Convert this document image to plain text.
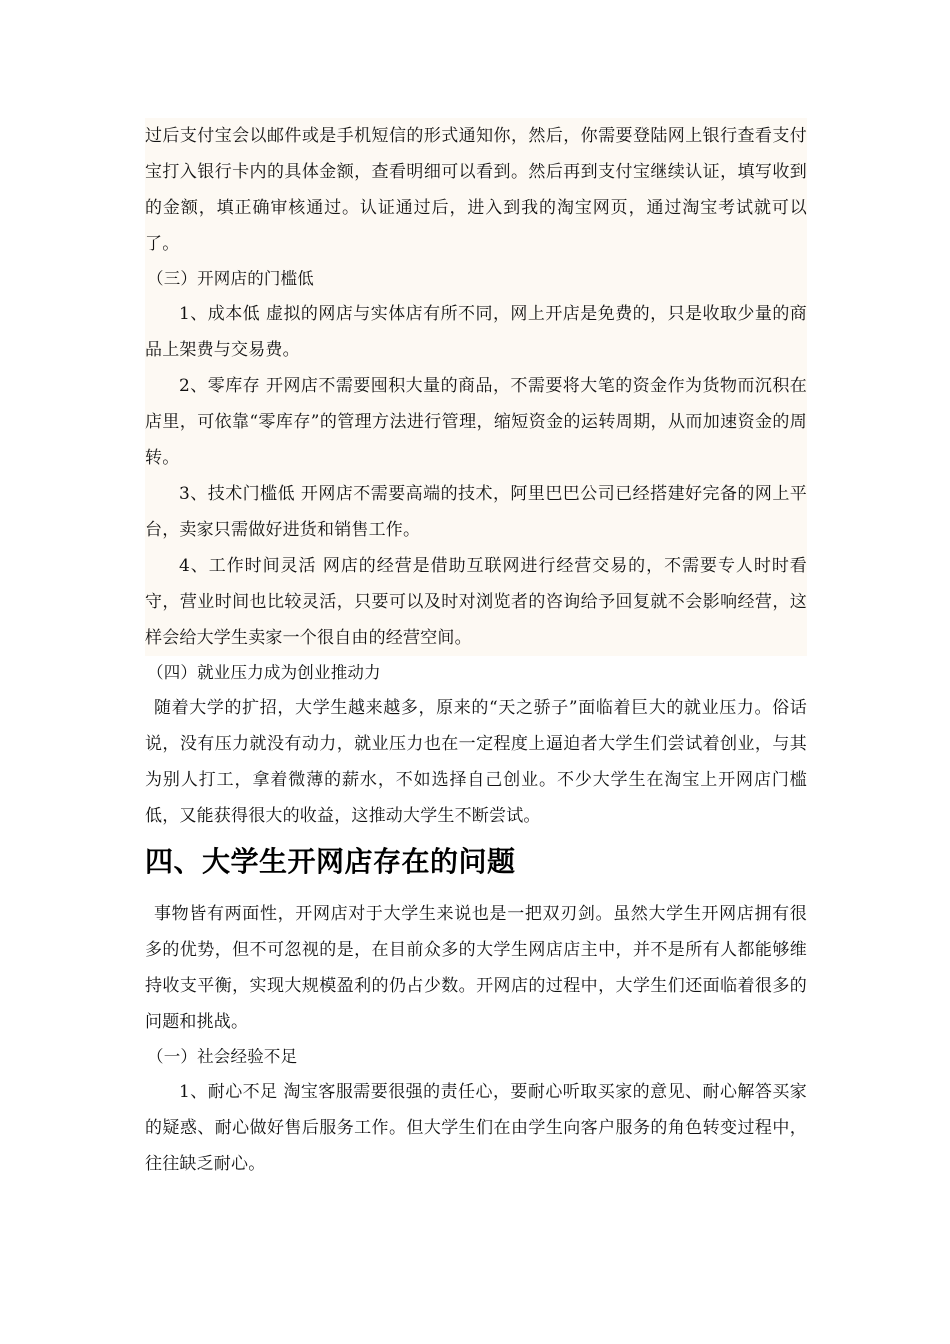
过后支付宝会以邮件或是手机短信的形式通知你，然后，你需要登陆网上银行查看支付宝打入银行卡内的具体金额，查看明细可以看到。然后再到支付宝继续认证，填写收到的金额，填正确审核通过。认证通过后，进入到我的淘宝网页，通过淘宝考试就可以了。

（三）开网店的门槛低

1、成本低 虚拟的网店与实体店有所不同，网上开店是免费的，只是收取少量的商品上架费与交易费。

2、零库存 开网店不需要囤积大量的商品，不需要将大笔的资金作为货物而沉积在店里，可依靠“零库存”的管理方法进行管理，缩短资金的运转周期，从而加速资金的周转。

3、技术门槛低 开网店不需要高端的技术，阿里巴巴公司已经搭建好完备的网上平台，卖家只需做好进货和销售工作。

4、工作时间灵活 网店的经营是借助互联网进行经营交易的，不需要专人时时看守，营业时间也比较灵活，只要可以及时对浏览者的咨询给予回复就不会影响经营，这样会给大学生卖家一个很自由的经营空间。

（四）就业压力成为创业推动力

随着大学的扩招，大学生越来越多，原来的“天之骄子”面临着巨大的就业压力。俗话说，没有压力就没有动力，就业压力也在一定程度上逼迫者大学生们尝试着创业，与其为别人打工，拿着微薄的薪水，不如选择自己创业。不少大学生在淘宝上开网店门槛低，又能获得很大的收益，这推动大学生不断尝试。

四、大学生开网店存在的问题

事物皆有两面性，开网店对于大学生来说也是一把双刃剑。虽然大学生开网店拥有很多的优势，但不可忽视的是，在目前众多的大学生网店店主中，并不是所有人都能够维持收支平衡，实现大规模盈利的仍占少数。开网店的过程中，大学生们还面临着很多的问题和挑战。

（一）社会经验不足

1、耐心不足 淘宝客服需要很强的责任心，要耐心听取买家的意见、耐心解答买家的疑惑、耐心做好售后服务工作。但大学生们在由学生向客户服务的角色转变过程中，往往缺乏耐心。
